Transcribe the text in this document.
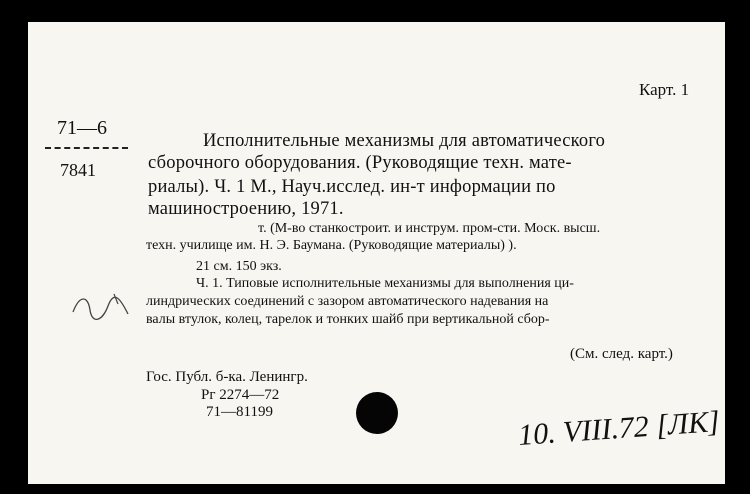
Карт. 1
71—6
7841
Исполнительные механизмы для автоматического
сборочного оборудования. (Руководящие техн. мате-
риалы). Ч. 1 М., Науч.исслед. ин-т информации по
машиностроению, 1971.
т. (М-во станкостроит. и инструм. пром-сти. Моск. высш.
техн. училище им. Н. Э. Баумана. (Руководящие материалы) ).
21 см. 150 экз.
Ч. 1. Типовые исполнительные механизмы для выполнения ци-
линдрических соединений с зазором автоматического надевания на
валы втулок, колец, тарелок и тонких шайб при вертикальной сбор-
(См. след. карт.)
Гос. Публ. б-ка. Ленингр.
Рг 2274—72
71—81199	10. VIII.72 [ЛК]
